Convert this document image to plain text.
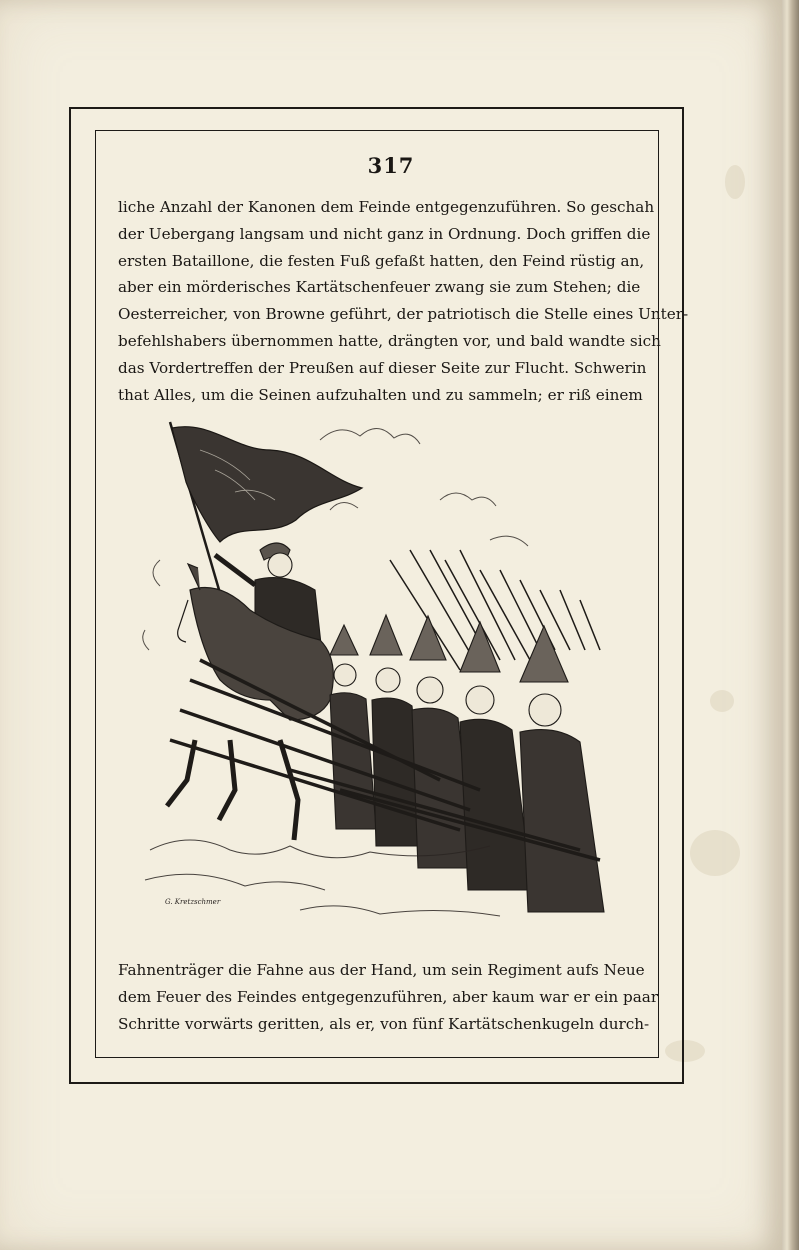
317
liche Anzahl der Kanonen dem Feinde entgegenzuführen. So geschah
der Uebergang langsam und nicht ganz in Ordnung. Doch griffen die
ersten Bataillone, die festen Fuß gefaßt hatten, den Feind rüstig an,
aber ein mörderisches Kartätschenfeuer zwang sie zum Stehen; die
Oesterreicher, von Browne geführt, der patriotisch die Stelle eines Unter-
befehlshabers übernommen hatte, drängten vor, und bald wandte sich
das Vordertreffen der Preußen auf dieser Seite zur Flucht. Schwerin
that Alles, um die Seinen aufzuhalten und zu sammeln; er riß einem
G. Kretzschmer
Fahnenträger die Fahne aus der Hand, um sein Regiment aufs Neue
dem Feuer des Feindes entgegenzuführen, aber kaum war er ein paar
Schritte vorwärts geritten, als er, von fünf Kartätschenkugeln durch-
